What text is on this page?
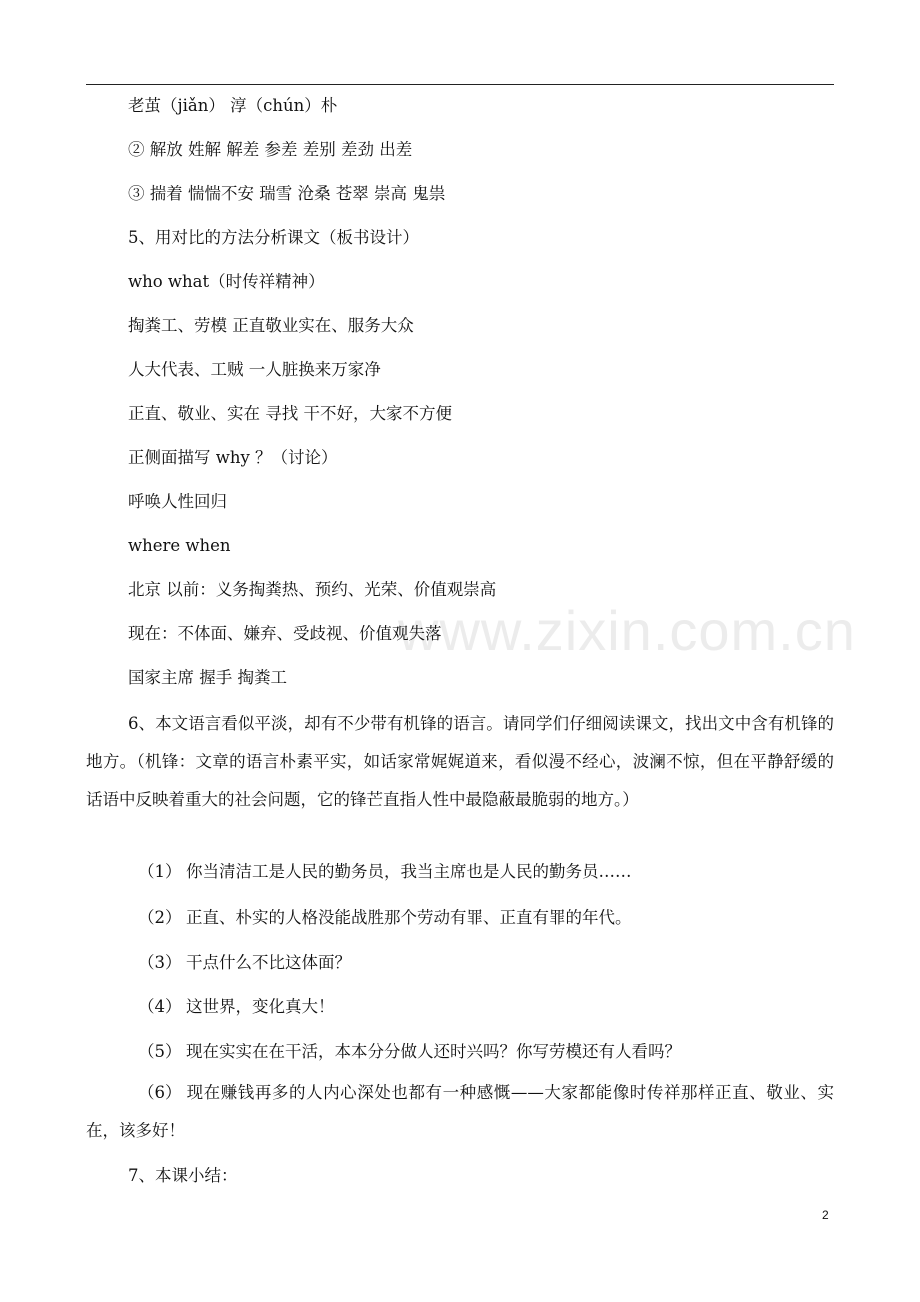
www.zixin.com.cn
老茧（jiǎn） 淳（chún）朴
② 解放 姓解 解差 参差 差别 差劲 出差
③ 揣着 惴惴不安 瑞雪 沧桑 苍翠 崇高 鬼祟
5、用对比的方法分析课文（板书设计）
who what（时传祥精神）
掏粪工、劳模 正直敬业实在、服务大众
人大代表、工贼 一人脏换来万家净
正直、敬业、实在 寻找 干不好，大家不方便
正侧面描写 why ？（讨论）
呼唤人性回归
where when
北京 以前：义务掏粪热、预约、光荣、价值观崇高
现在：不体面、嫌弃、受歧视、价值观失落
国家主席 握手 掏粪工
6、本文语言看似平淡，却有不少带有机锋的语言。请同学们仔细阅读课文，找出文中含有机锋的地方。（机锋：文章的语言朴素平实，如话家常娓娓道来，看似漫不经心，波澜不惊，但在平静舒缓的话语中反映着重大的社会问题，它的锋芒直指人性中最隐蔽最脆弱的地方。）
（1） 你当清洁工是人民的勤务员，我当主席也是人民的勤务员……
（2） 正直、朴实的人格没能战胜那个劳动有罪、正直有罪的年代。
（3） 干点什么不比这体面？
（4） 这世界，变化真大！
（5） 现在实实在在干活，本本分分做人还时兴吗？你写劳模还有人看吗？
（6） 现在赚钱再多的人内心深处也都有一种感慨——大家都能像时传祥那样正直、敬业、实在，该多好！
7、本课小结：
2
